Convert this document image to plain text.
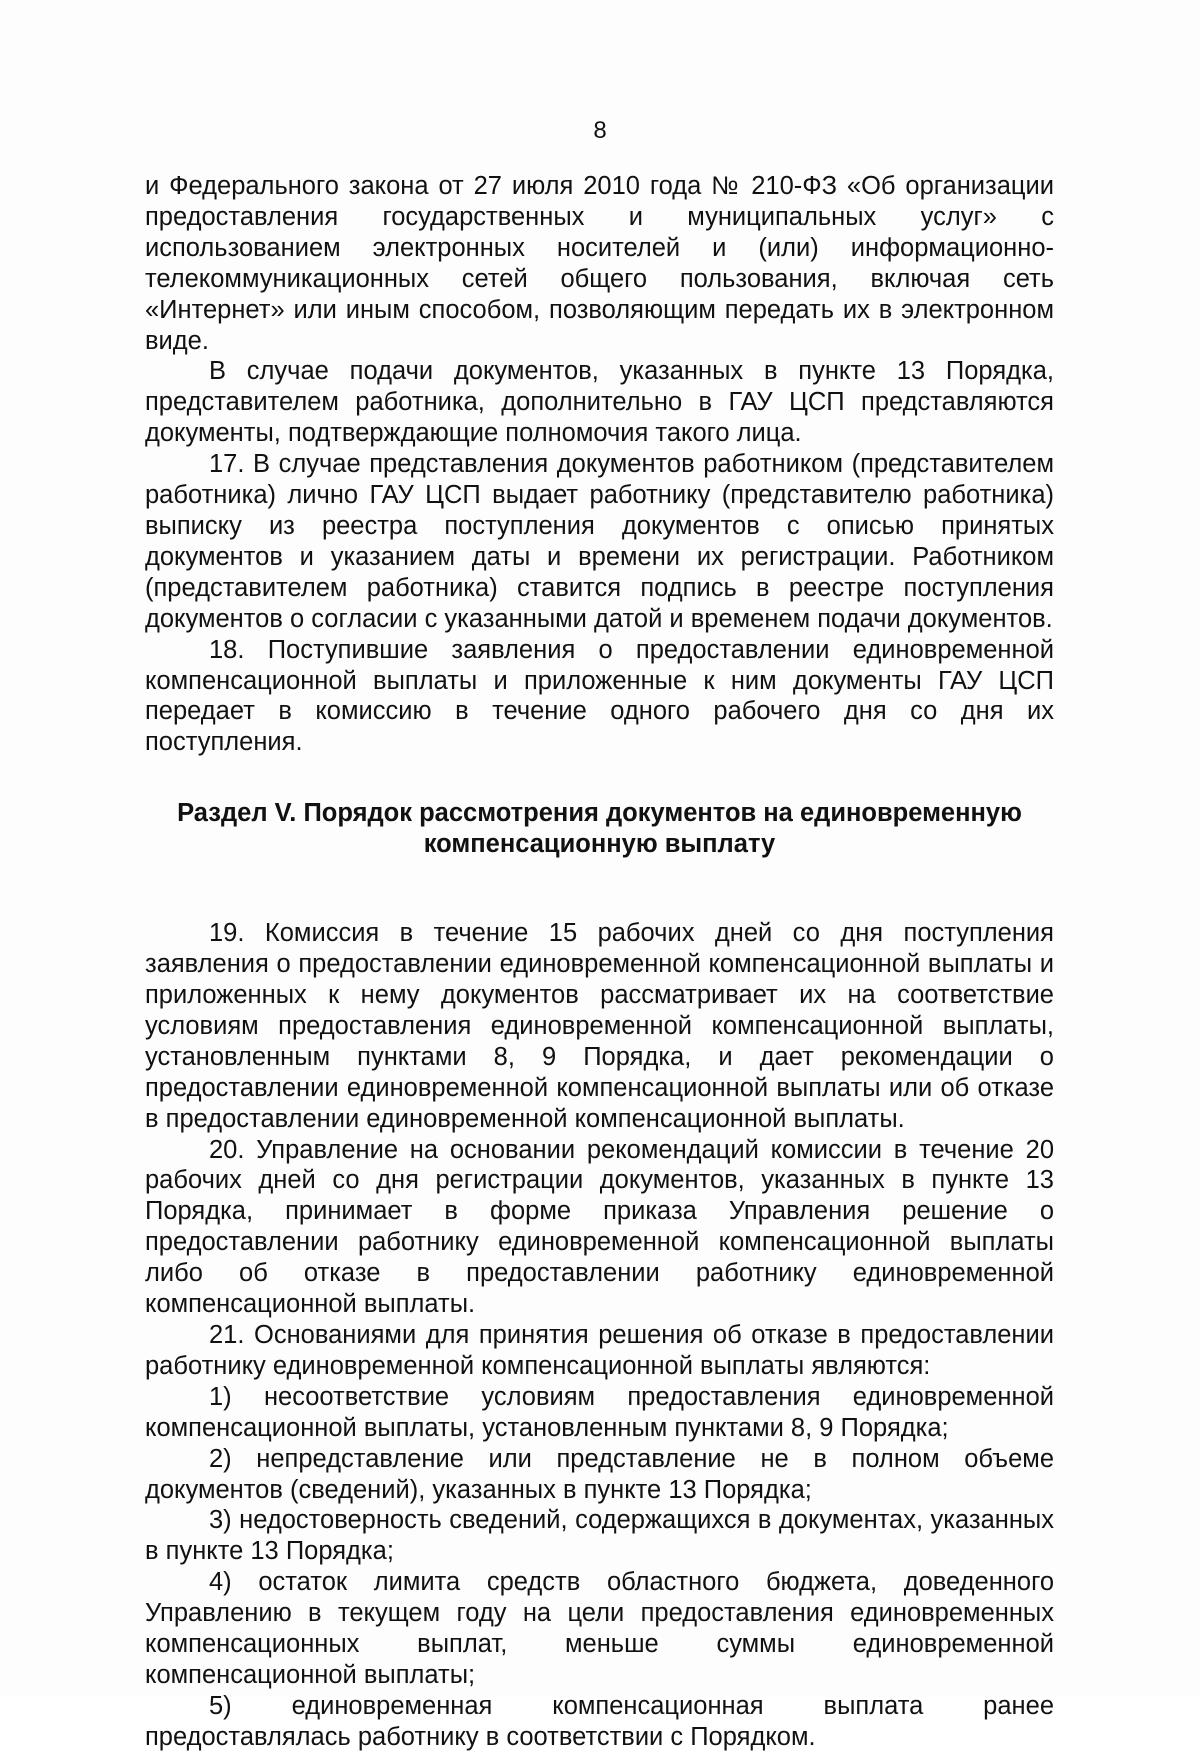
8

и Федерального закона от 27 июля 2010 года № 210-ФЗ «Об организации предоставления государственных и муниципальных услуг» с использованием электронных носителей и (или) информационно-телекоммуникационных сетей общего пользования, включая сеть «Интернет» или иным способом, позволяющим передать их в электронном виде.

В случае подачи документов, указанных в пункте 13 Порядка, представителем работника, дополнительно в ГАУ ЦСП представляются документы, подтверждающие полномочия такого лица.

17. В случае представления документов работником (представителем работника) лично ГАУ ЦСП выдает работнику (представителю работника) выписку из реестра поступления документов с описью принятых документов и указанием даты и времени их регистрации. Работником (представителем работника) ставится подпись в реестре поступления документов о согласии с указанными датой и временем подачи документов.

18. Поступившие заявления о предоставлении единовременной компенсационной выплаты и приложенные к ним документы ГАУ ЦСП передает в комиссию в течение одного рабочего дня со дня их поступления.

Раздел V. Порядок рассмотрения документов на единовременную
компенсационную выплату

19. Комиссия в течение 15 рабочих дней со дня поступления заявления о предоставлении единовременной компенсационной выплаты и приложенных к нему документов рассматривает их на соответствие условиям предоставления единовременной компенсационной выплаты, установленным пунктами 8, 9 Порядка, и дает рекомендации о предоставлении единовременной компенсационной выплаты или об отказе в предоставлении единовременной компенсационной выплаты.

20. Управление на основании рекомендаций комиссии в течение 20 рабочих дней со дня регистрации документов, указанных в пункте 13 Порядка, принимает в форме приказа Управления решение о предоставлении работнику единовременной компенсационной выплаты либо об отказе в предоставлении работнику единовременной компенсационной выплаты.

21. Основаниями для принятия решения об отказе в предоставлении работнику единовременной компенсационной выплаты являются:

1) несоответствие условиям предоставления единовременной компенсационной выплаты, установленным пунктами 8, 9 Порядка;

2) непредставление или представление не в полном объеме документов (сведений), указанных в пункте 13 Порядка;

3) недостоверность сведений, содержащихся в документах, указанных в пункте 13 Порядка;

4) остаток лимита средств областного бюджета, доведенного Управлению в текущем году на цели предоставления единовременных компенсационных выплат, меньше суммы единовременной компенсационной выплаты;

5) единовременная компенсационная выплата ранее предоставлялась работнику в соответствии с Порядком.
